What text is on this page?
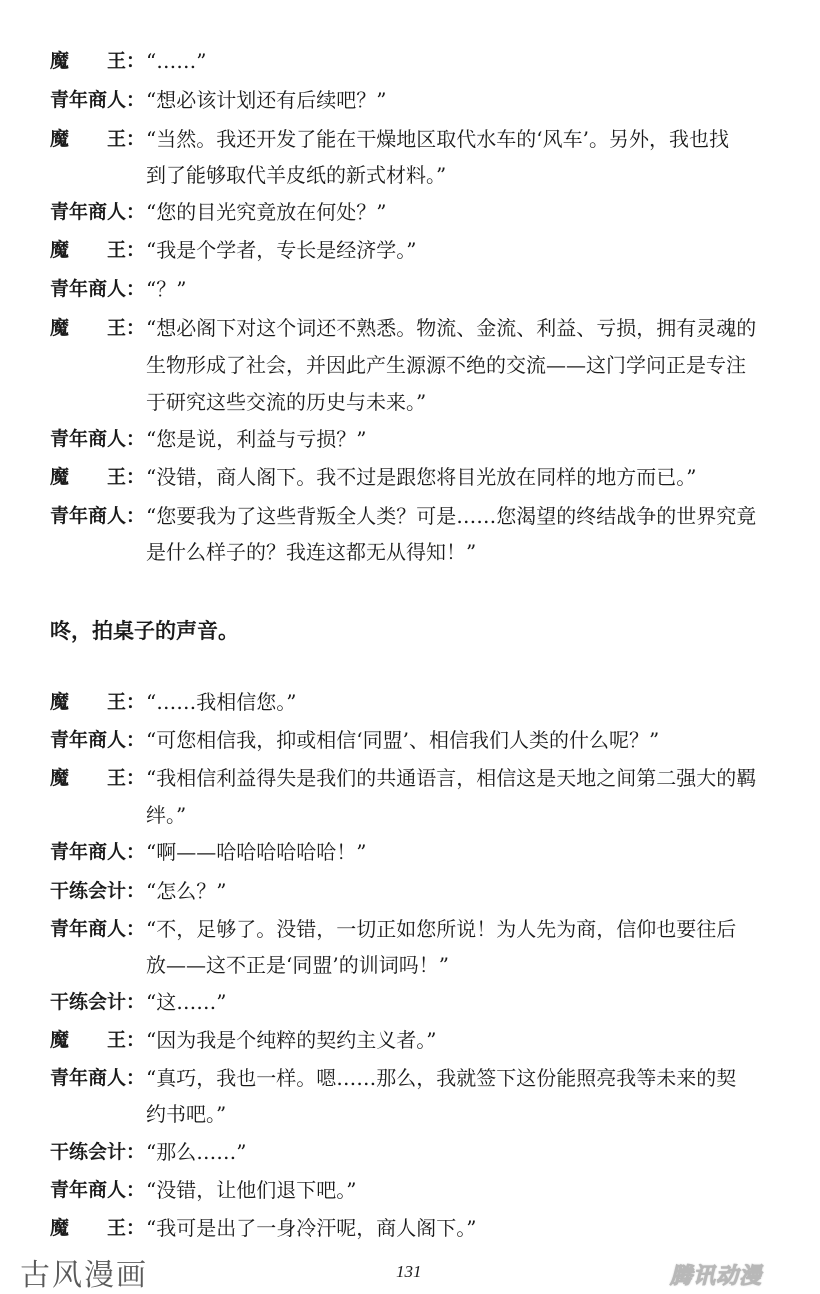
魔　　王： “……”
青年商人： “想必该计划还有后续吧？”
魔　　王： “当然。我还开发了能在干燥地区取代水车的‘风车’。另外，我也找
到了能够取代羊皮纸的新式材料。”
青年商人： “您的目光究竟放在何处？”
魔　　王： “我是个学者，专长是经济学。”
青年商人： “？”
魔　　王： “想必阁下对这个词还不熟悉。物流、金流、利益、亏损，拥有灵魂的
生物形成了社会，并因此产生源源不绝的交流——这门学问正是专注
于研究这些交流的历史与未来。”
青年商人： “您是说，利益与亏损？”
魔　　王： “没错，商人阁下。我不过是跟您将目光放在同样的地方而已。”
青年商人： “您要我为了这些背叛全人类？可是……您渴望的终结战争的世界究竟
是什么样子的？我连这都无从得知！”
咚，拍桌子的声音。
魔　　王： “……我相信您。”
青年商人： “可您相信我，抑或相信‘同盟’、相信我们人类的什么呢？”
魔　　王： “我相信利益得失是我们的共通语言，相信这是天地之间第二强大的羁
绊。”
青年商人： “啊——哈哈哈哈哈哈！”
干练会计： “怎么？”
青年商人： “不，足够了。没错，一切正如您所说！为人先为商，信仰也要往后
放——这不正是‘同盟’的训词吗！”
干练会计： “这……”
魔　　王： “因为我是个纯粹的契约主义者。”
青年商人： “真巧，我也一样。嗯……那么，我就签下这份能照亮我等未来的契
约书吧。”
干练会计： “那么……”
青年商人： “没错，让他们退下吧。”
魔　　王： “我可是出了一身冷汗呢，商人阁下。”
古风漫画	131	腾讯动漫
